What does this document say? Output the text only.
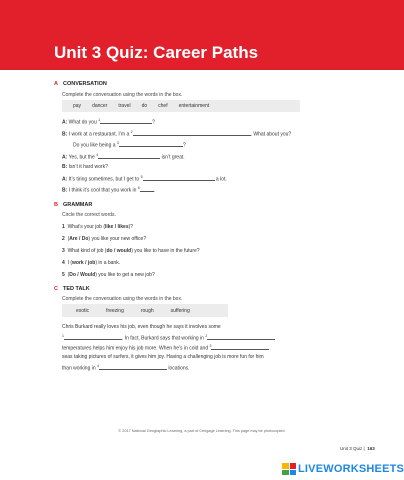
Unit 3 Quiz: Career Paths
A CONVERSATION
Complete the conversation using the words in the box.
pay dancer travel do chef entertainment
A: What do you $^1$	?
B: I work at a restaurant. I’m a $^2$	. What about you?
Do you like being a $^3$	?
A: Yes, but the $^4$	isn’t great.
B: Isn’t it hard work?
A: It’s tiring sometimes, but I get to $^5$	a lot.
B: I think it’s cool that you work in $^6$	.
B GRAMMAR
Circle the correct words.
1 What’s your job (like / likes)?
2 (Are / Do) you like your new office?
3 What kind of job (do / would) you like to have in the future?
4 I (work / job) in a bank.
5 (Do / Would) you like to get a new job?
C TED TALK
Complete the conversation using the words in the box.
exotic	freezing	rough	suffering
Chris Burkard really loves his job, even though he says it involves some
$^1$	. In fact, Burkard says that working in $^2$
temperatures helps him enjoy his job more. When he’s in cold and $^3$
seas taking pictures of surfers, it gives him joy. Having a challenging job is more fun for him
than working in $^4$	locations.
© 2017 National Geographic Learning, a part of Cengage Learning. This page may be photocopied.
Unit 3 Quiz |  163
LIVEWORKSHEETS
